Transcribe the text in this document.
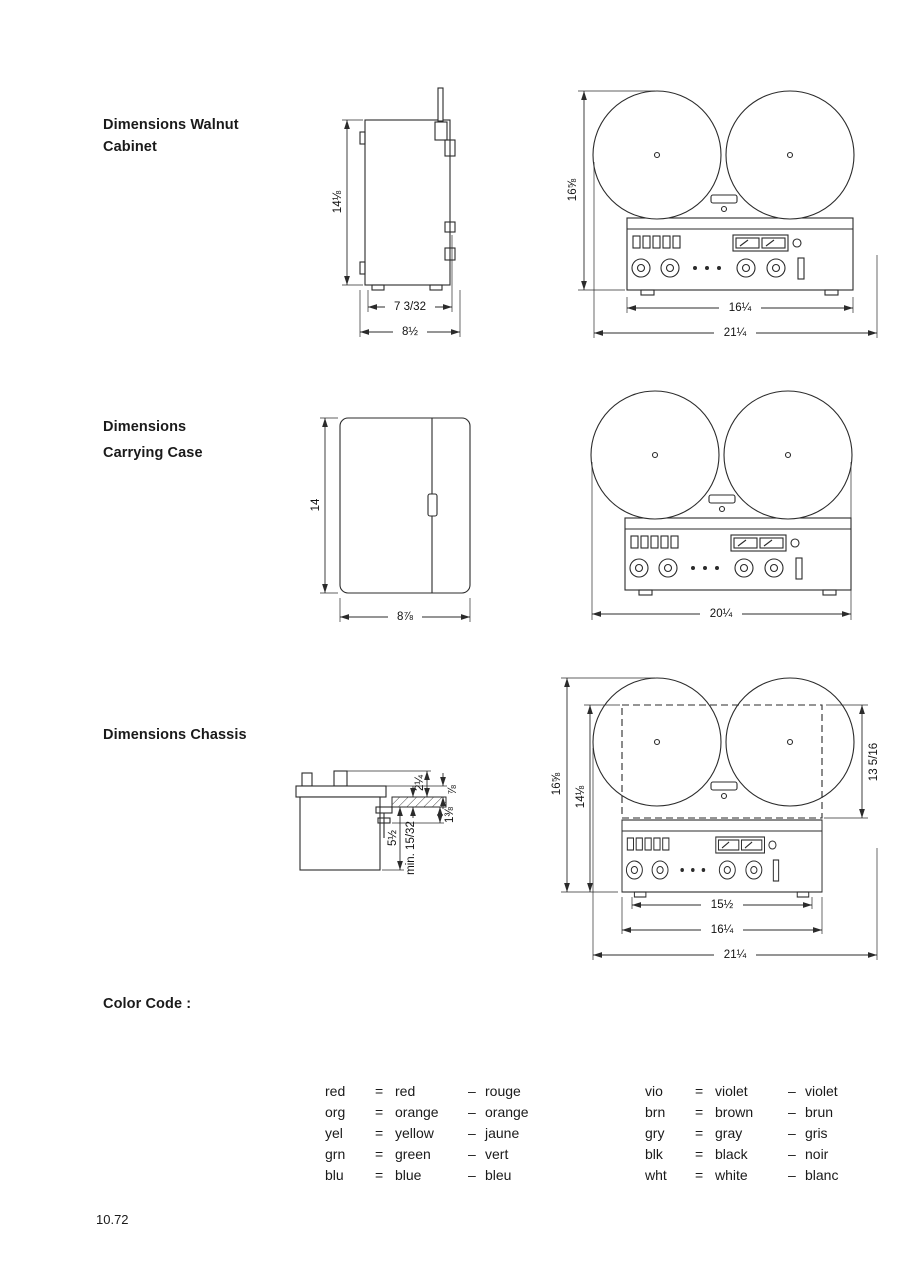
Dimensions Walnut
Cabinet
Dimensions
Carrying Case
Dimensions Chassis
Color Code :
14⅛
7 3/32
8½
16⅝
16¼
21¼
14
8⅞	20¼
2¼ ⅞
5½
1⅜
min. 15/32
16⅝
14⅛
13 5/16
15½
16¼
21¼
red	= red	– rouge
org	= orange	– orange
yel	= yellow	– jaune
grn	= green	– vert
blu	= blue	– bleu
vio	= violet	– violet
brn	= brown	– brun
gry	= gray	– gris
blk	= black	– noir
wht	= white	– blanc
10.72
